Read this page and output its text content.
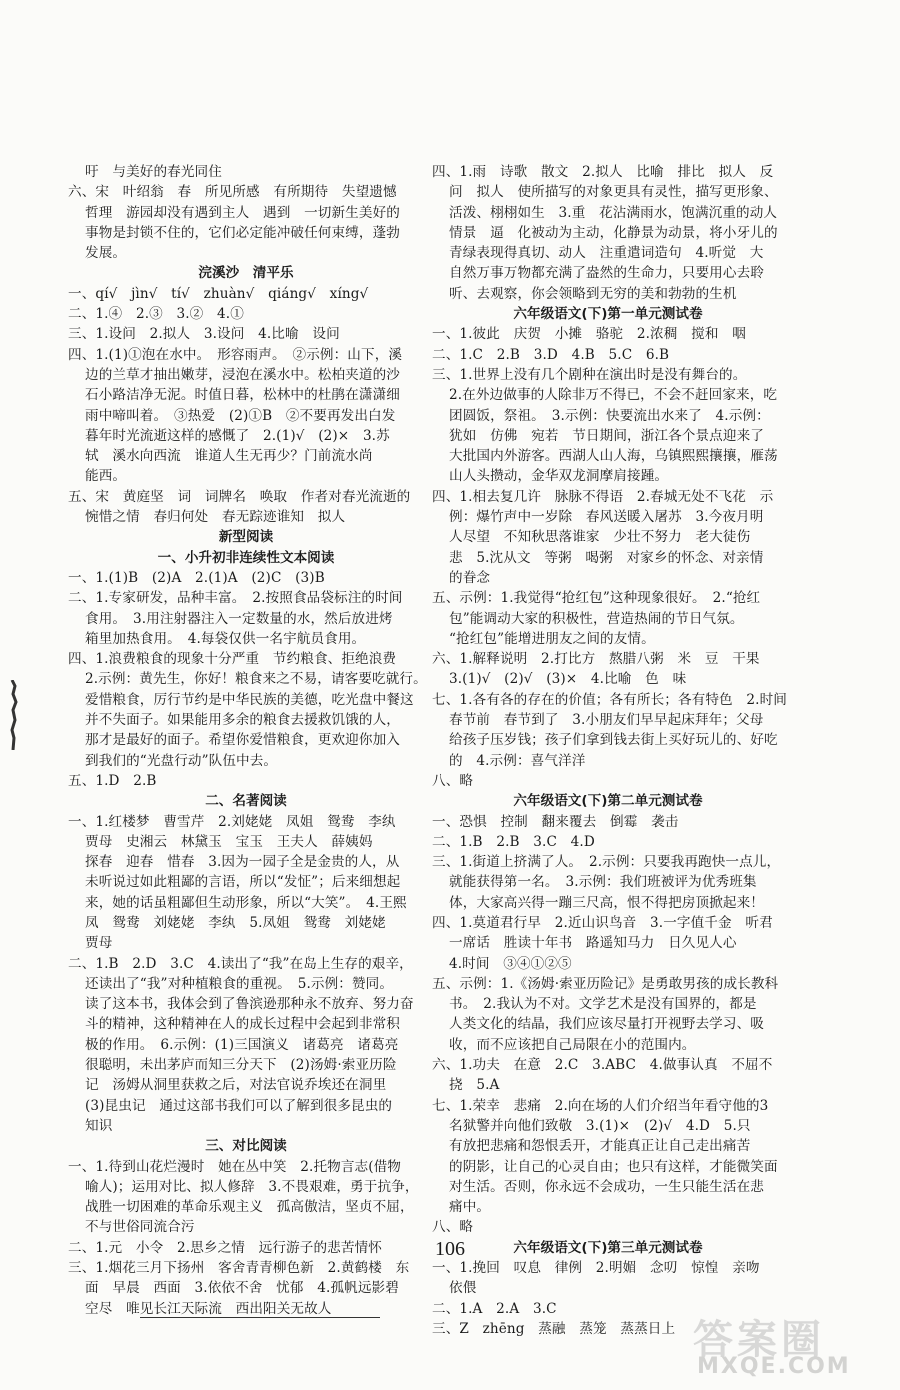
吁　与美好的春光同住
六、宋　叶绍翁　春　所见所感　有所期待　失望遗憾
哲理　游园却没有遇到主人　遇到　一切新生美好的
事物是封锁不住的，它们必定能冲破任何束缚，蓬勃
发展。
浣溪沙　清平乐
一、qí√　jìn√　tí√　zhuàn√　qiáng√　xíng√
二、1.④　2.③　3.②　4.①
三、1.设问　2.拟人　3.设问　4.比喻　设问
四、1.(1)①泡在水中。　形容雨声。　②示例：山下，溪
边的兰草才抽出嫩芽，浸泡在溪水中。松柏夹道的沙
石小路洁净无泥。时值日暮，松林中的杜鹃在潇潇细
雨中啼叫着。　③热爱　(2)①B　②不要再发出白发
暮年时光流逝这样的感慨了　2.(1)√　(2)×　3.苏
轼　溪水向西流　谁道人生无再少？门前流水尚
能西。
五、宋　黄庭坚　词　词牌名　唤取　作者对春光流逝的
惋惜之情　春归何处　春无踪迹谁知　拟人
新型阅读
一、小升初非连续性文本阅读
一、1.(1)B　(2)A　2.(1)A　(2)C　(3)B
二、1.专家研发，品种丰富。　2.按照食品袋标注的时间
食用。　3.用注射器注入一定数量的水，然后放进烤
箱里加热食用。　4.每袋仅供一名宇航员食用。
四、1.浪费粮食的现象十分严重　节约粮食、拒绝浪费
2.示例：黄先生，你好！粮食来之不易，请客要吃就行。
爱惜粮食，厉行节约是中华民族的美德，吃光盘中餐这
并不失面子。如果能用多余的粮食去援救饥饿的人，
那才是最好的面子。希望你爱惜粮食，更欢迎你加入
到我们的“光盘行动”队伍中去。
五、1.D　2.B
二、名著阅读
一、1.红楼梦　曹雪芹　2.刘姥姥　凤姐　鸳鸯　李纨
贾母　史湘云　林黛玉　宝玉　王夫人　薛姨妈
探春　迎春　惜春　3.因为一园子全是金贵的人，从
未听说过如此粗鄙的言语，所以“发怔”；后来细想起
来，她的话虽粗鄙但生动形象，所以“大笑”。　4.王熙
凤　鸳鸯　刘姥姥　李纨　5.凤姐　鸳鸯　刘姥姥
贾母
二、1.B　2.D　3.C　4.读出了“我”在岛上生存的艰辛，
还读出了“我”对种植粮食的重视。　5.示例：赞同。
读了这本书，我体会到了鲁滨逊那种永不放弃、努力奋
斗的精神，这种精神在人的成长过程中会起到非常积
极的作用。　6.示例：(1)三国演义　诸葛亮　诸葛亮
很聪明，未出茅庐而知三分天下　(2)汤姆·索亚历险
记　汤姆从洞里获救之后，对法官说乔埃还在洞里
(3)昆虫记　通过这部书我们可以了解到很多昆虫的
知识
三、对比阅读
一、1.待到山花烂漫时　她在丛中笑　2.托物言志(借物
喻人)；运用对比、拟人修辞　3.不畏艰难，勇于抗争，
战胜一切困难的革命乐观主义　孤高傲洁，坚贞不屈，
不与世俗同流合污
二、1.元　小令　2.思乡之情　远行游子的悲苦情怀
三、1.烟花三月下扬州　客舍青青柳色新　2.黄鹤楼　东
面　早晨　西面　3.依依不舍　忧郁　4.孤帆远影碧
空尽　唯见长江天际流　西出阳关无故人
四、1.雨　诗歌　散文　2.拟人　比喻　排比　拟人　反
问　拟人　使所描写的对象更具有灵性，描写更形象、
活泼、栩栩如生　3.重　花沾满雨水，饱满沉重的动人
情景　逼　化被动为主动，化静景为动景，将小牙儿的
青绿表现得真切、动人　注重遣词造句　4.听觉　大
自然万事万物都充满了盎然的生命力，只要用心去聆
听、去观察，你会领略到无穷的美和勃勃的生机
六年级语文(下)第一单元测试卷
一、1.彼此　庆贺　小摊　骆驼　2.浓稠　搅和　咽
二、1.C　2.B　3.D　4.B　5.C　6.B
三、1.世界上没有几个剧种在演出时是没有舞台的。
2.在外边做事的人除非万不得已，不会不赶回家来，吃
团圆饭，祭祖。　3.示例：快要流出水来了　4.示例：
犹如　仿佛　宛若　节日期间，浙江各个景点迎来了
大批国内外游客。西湖人山人海，乌镇熙熙攘攘，雁荡
山人头攒动，金华双龙洞摩肩接踵。
四、1.相去复几许　脉脉不得语　2.春城无处不飞花　示
例：爆竹声中一岁除　春风送暖入屠苏　3.今夜月明
人尽望　不知秋思落谁家　少壮不努力　老大徒伤
悲　5.沈从文　等粥　喝粥　对家乡的怀念、对亲情
的眷念
五、示例：1.我觉得“抢红包”这种现象很好。　2.“抢红
包”能调动大家的积极性，营造热闹的节日气氛。
“抢红包”能增进朋友之间的友情。
六、1.解释说明　2.打比方　熬腊八粥　米　豆　干果
3.(1)√　(2)√　(3)×　4.比喻　色　味
七、1.各有各的存在的价值；各有所长；各有特色　2.时间
春节前　春节到了　3.小朋友们早早起床拜年；父母
给孩子压岁钱；孩子们拿到钱去街上买好玩儿的、好吃
的　4.示例：喜气洋洋
八、略
六年级语文(下)第二单元测试卷
一、恐惧　控制　翻来覆去　倒霉　袭击
二、1.B　2.B　3.C　4.D
三、1.街道上挤满了人。　2.示例：只要我再跑快一点儿，
就能获得第一名。　3.示例：我们班被评为优秀班集
体，大家高兴得一蹦三尺高，恨不得把房顶掀起来！
四、1.莫道君行早　2.近山识鸟音　3.一字值千金　听君
一席话　胜读十年书　路遥知马力　日久见人心
4.时间　③④①②⑤
五、示例：1.《汤姆·索亚历险记》是勇敢男孩的成长教科
书。　2.我认为不对。文学艺术是没有国界的，都是
人类文化的结晶，我们应该尽量打开视野去学习、吸
收，而不应该把自己局限在小的范围内。
六、1.功夫　在意　2.C　3.ABC　4.做事认真　不屈不
挠　5.A
七、1.荣幸　悲痛　2.向在场的人们介绍当年看守他的3
名狱警并向他们致敬　3.(1)×　(2)√　4.D　5.只
有放把悲痛和怨恨丢开，才能真正让自己走出痛苦
的阴影，让自己的心灵自由；也只有这样，才能微笑面
对生活。否则，你永远不会成功，一生只能生活在悲
痛中。
八、略
六年级语文(下)第三单元测试卷
一、1.挽回　叹息　律例　2.明媚　念叨　惊惶　亲吻
依偎
二、1.A　2.A　3.C
三、Z　zhēng　蒸融　蒸笼　蒸蒸日上
106
答案圈
MXQE.COM
